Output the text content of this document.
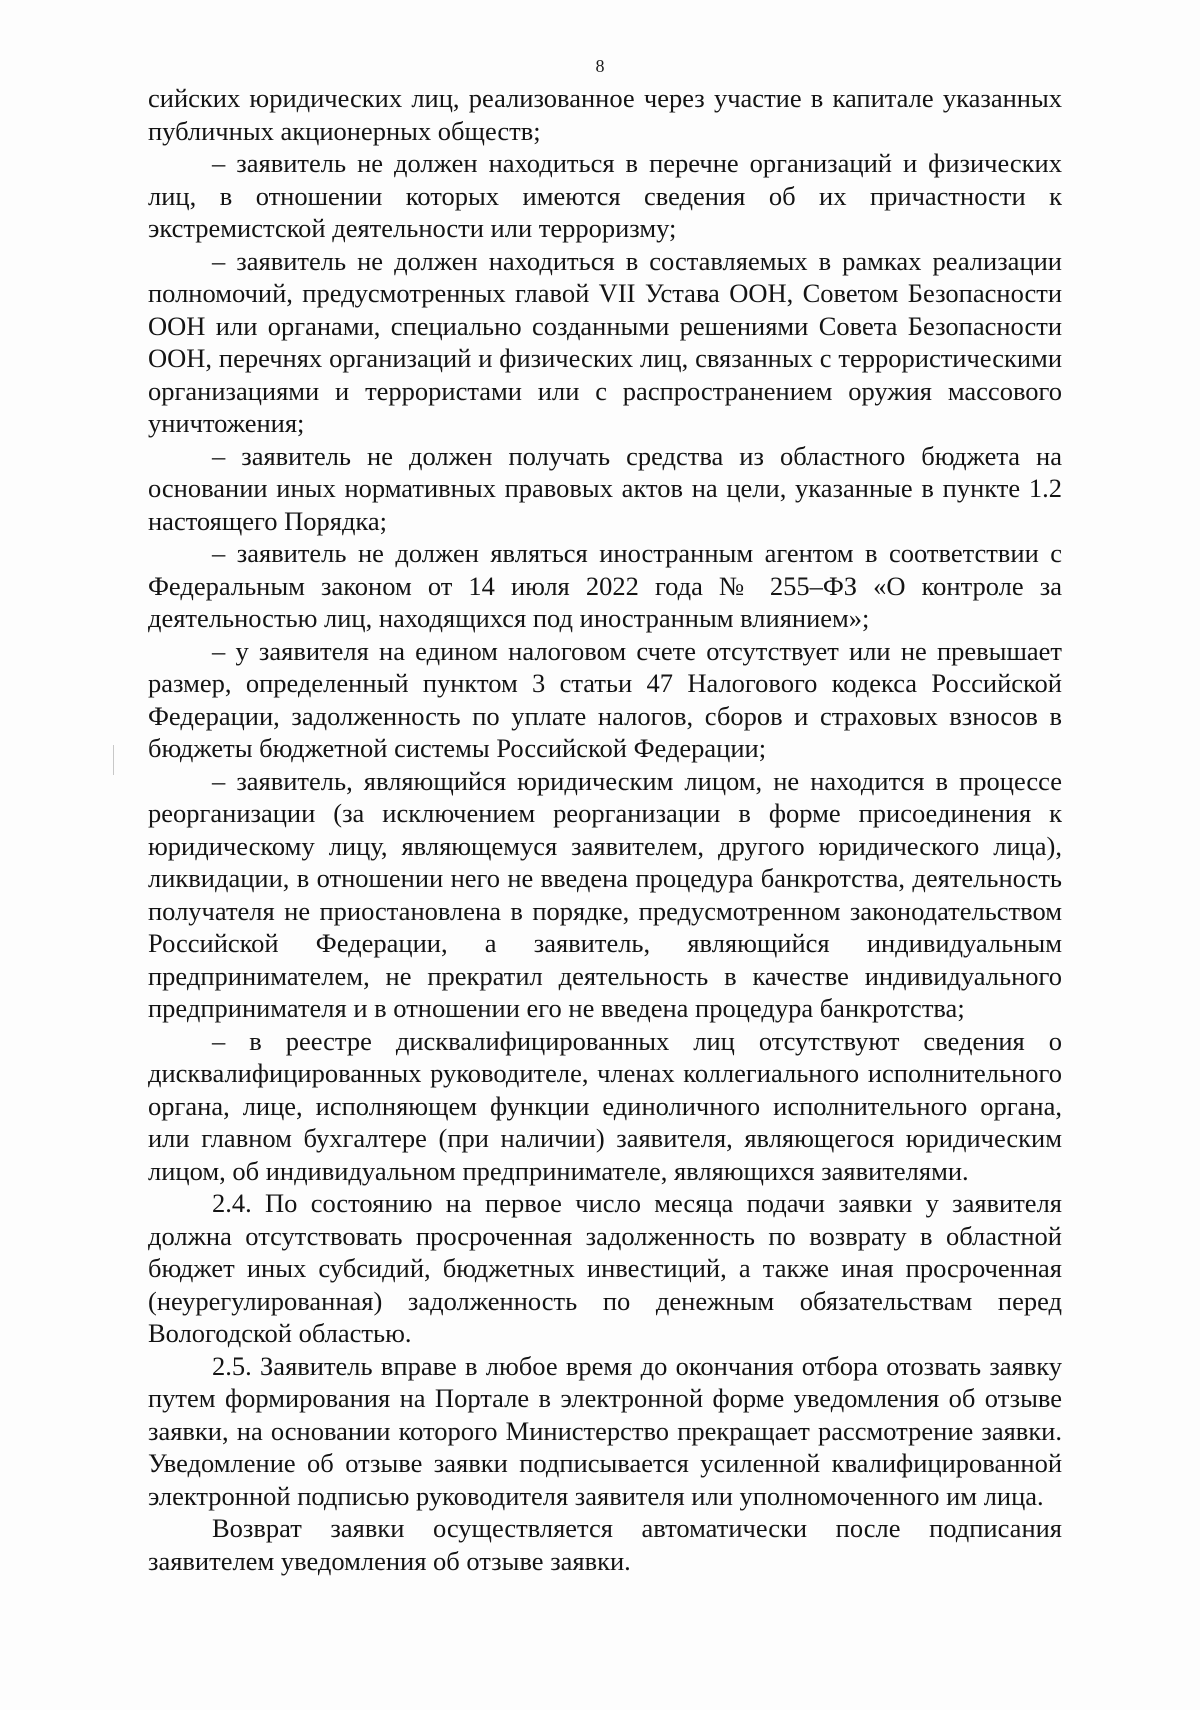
8

сийских юридических лиц, реализованное через участие в капитале указанных публичных акционерных обществ;

– заявитель не должен находиться в перечне организаций и физических лиц, в отношении которых имеются сведения об их причастности к экстремистской деятельности или терроризму;

– заявитель не должен находиться в составляемых в рамках реализации полномочий, предусмотренных главой VII Устава ООН, Советом Безопасности ООН или органами, специально созданными решениями Совета Безопасности ООН, перечнях организаций и физических лиц, связанных с террористическими организациями и террористами или с распространением оружия массового уничтожения;

– заявитель не должен получать средства из областного бюджета на основании иных нормативных правовых актов на цели, указанные в пункте 1.2 настоящего Порядка;

– заявитель не должен являться иностранным агентом в соответствии с Федеральным законом от 14 июля 2022 года № 255–ФЗ «О контроле за деятельностью лиц, находящихся под иностранным влиянием»;

– у заявителя на едином налоговом счете отсутствует или не превышает размер, определенный пунктом 3 статьи 47 Налогового кодекса Российской Федерации, задолженность по уплате налогов, сборов и страховых взносов в бюджеты бюджетной системы Российской Федерации;

– заявитель, являющийся юридическим лицом, не находится в процессе реорганизации (за исключением реорганизации в форме присоединения к юридическому лицу, являющемуся заявителем, другого юридического лица), ликвидации, в отношении него не введена процедура банкротства, деятельность получателя не приостановлена в порядке, предусмотренном законодательством Российской Федерации, а заявитель, являющийся индивидуальным предпринимателем, не прекратил деятельность в качестве индивидуального предпринимателя и в отношении его не введена процедура банкротства;

– в реестре дисквалифицированных лиц отсутствуют сведения о дисквалифицированных руководителе, членах коллегиального исполнительного органа, лице, исполняющем функции единоличного исполнительного органа, или главном бухгалтере (при наличии) заявителя, являющегося юридическим лицом, об индивидуальном предпринимателе, являющихся заявителями.

2.4. По состоянию на первое число месяца подачи заявки у заявителя должна отсутствовать просроченная задолженность по возврату в областной бюджет иных субсидий, бюджетных инвестиций, а также иная просроченная (неурегулированная) задолженность по денежным обязательствам перед Вологодской областью.

2.5. Заявитель вправе в любое время до окончания отбора отозвать заявку путем формирования на Портале в электронной форме уведомления об отзыве заявки, на основании которого Министерство прекращает рассмотрение заявки. Уведомление об отзыве заявки подписывается усиленной квалифицированной электронной подписью руководителя заявителя или уполномоченного им лица.

Возврат заявки осуществляется автоматически после подписания заявителем уведомления об отзыве заявки.
